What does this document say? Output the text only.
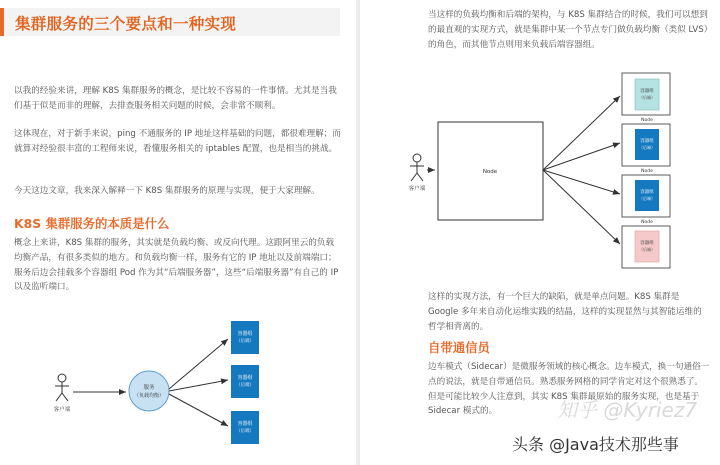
集群服务的三个要点和一种实现

以我的经验来讲，理解 K8S 集群服务的概念，是比较不容易的一件事情。尤其是当我们基于似是而非的理解，去排查服务相关问题的时候，会非常不顺利。

这体现在，对于新手来说，ping 不通服务的 IP 地址这样基础的问题，都很难理解；而就算对经验很丰富的工程师来说，看懂服务相关的 iptables 配置，也是相当的挑战。

今天这边文章，我来深入解释一下 K8S 集群服务的原理与实现，便于大家理解。

K8S 集群服务的本质是什么

概念上来讲，K8S 集群的服务，其实就是负载均衡、或反向代理。这跟阿里云的负载均衡产品，有很多类似的地方。和负载均衡一样，服务有它的 IP 地址以及前端端口；服务后边会挂载多个容器组 Pod 作为其“后端服务器”，这些“后端服务器”有自己的 IP 以及监听端口。

客户端
服务
（负载均衡）
容器组
（后端）
容器组
（后端）
容器组
（后端）

当这样的负载均衡和后端的架构，与 K8S 集群结合的时候，我们可以想到的最直观的实现方式，就是集群中某一个节点专门做负载均衡（类似 LVS）的角色，而其他节点则用来负载后端容器组。

客户端
Node
容器组
（后端）
Node
容器组
（后端）
Node
容器组
（后端）
Node
容器组
（后端）

这样的实现方法，有一个巨大的缺陷，就是单点问题。K8S 集群是 Google 多年来自动化运维实践的结晶，这样的实现显然与其智能运维的哲学相背离的。

自带通信员

边车模式（Sidecar）是微服务领域的核心概念。边车模式，换一句通俗一点的说法，就是自带通信员。熟悉服务网格的同学肯定对这个很熟悉了。但是可能比较少人注意到，其实 K8S 集群最原始的服务实现，也是基于 Sidecar 模式的。	知乎 @Kyriez7
头条 @Java技术那些事
